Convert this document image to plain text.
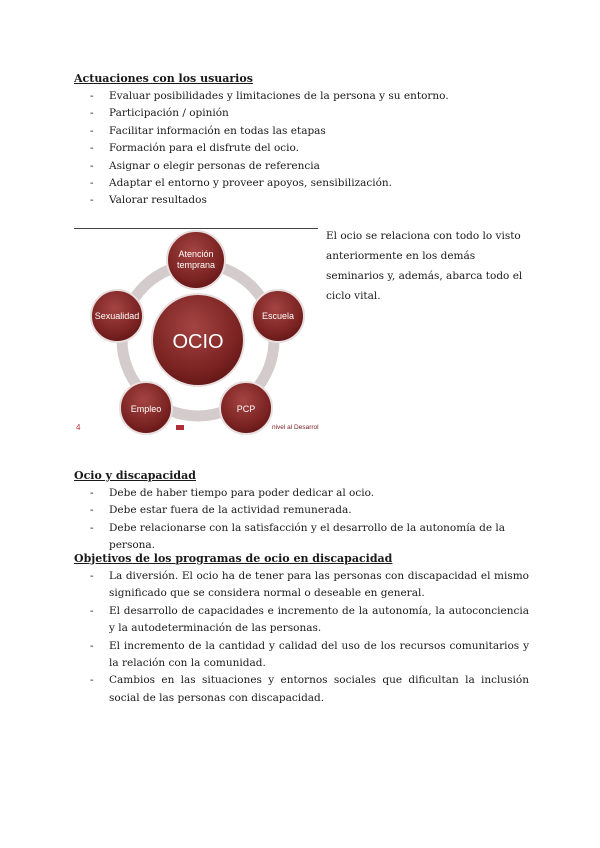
Actuaciones con los usuarios
- Evaluar posibilidades y limitaciones de la persona y su entorno.
- Participación / opinión
- Facilitar información en todas las etapas
- Formación para el disfrute del ocio.
- Asignar o elegir personas de referencia
- Adaptar el entorno y proveer apoyos, sensibilización.
- Valorar resultados
OCIO
Atención
temprana
Escuela
PCP
Empleo
Sexualidad
4	nivel al Desarrol
El ocio se relaciona con todo lo visto anteriormente en los demás seminarios y, además, abarca todo el ciclo vital.
Ocio y discapacidad
- Debe de haber tiempo para poder dedicar al ocio.
- Debe estar fuera de la actividad remunerada.
- Debe relacionarse con la satisfacción y el desarrollo de la autonomía de la persona.
Objetivos de los programas de ocio en discapacidad
- La diversión. El ocio ha de tener para las personas con discapacidad el mismo significado que se considera normal o deseable en general.
- El desarrollo de capacidades e incremento de la autonomía, la autoconciencia y la autodeterminación de las personas.
- El incremento de la cantidad y calidad del uso de los recursos comunitarios y la relación con la comunidad.
- Cambios en las situaciones y entornos sociales que dificultan la inclusión social de las personas con discapacidad.
